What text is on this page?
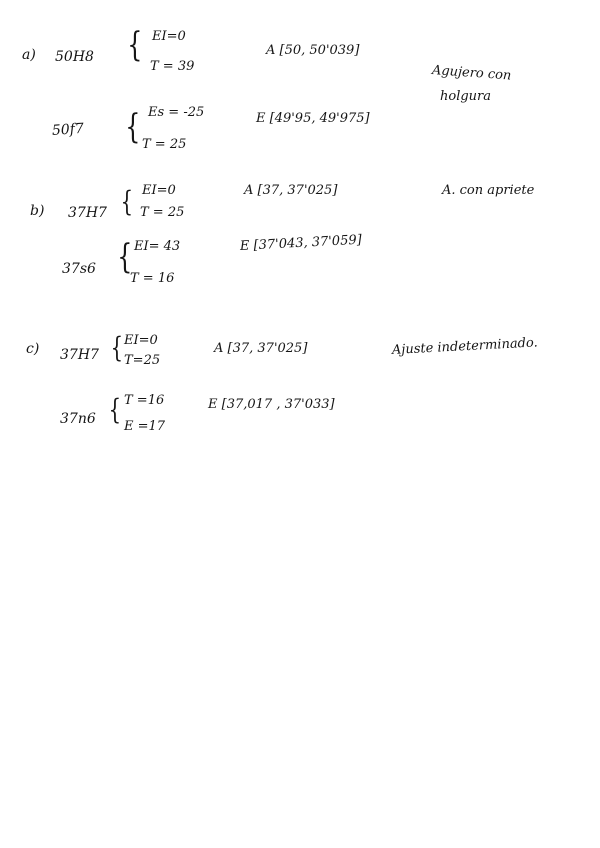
a) 50H8 { EI=0
T = 39
A [50, 50'039]
Agujero con
holgura
50f7 { Es = -25
T = 25
E [49'95, 49'975]
b) 37H7 { EI=0
T = 25
A [37, 37'025]	A. con apriete
37s6 { EI= 43
T = 16
E [37'043, 37'059]
c) 37H7 { EI=0
T=25
A [37, 37'025]	Ajuste indeterminado.
37n6 { T =16
E =17
E [37,017 , 37'033]
